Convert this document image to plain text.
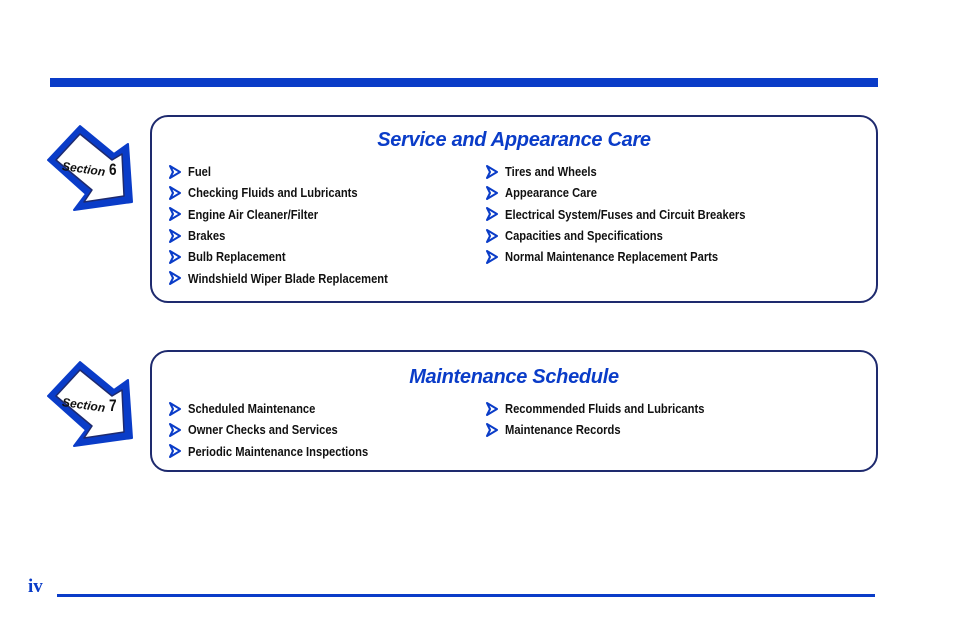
Section 6
Service and Appearance Care
Fuel
Checking Fluids and Lubricants
Engine Air Cleaner/Filter
Brakes
Bulb Replacement
Windshield Wiper Blade Replacement
Tires and Wheels
Appearance Care
Electrical System/Fuses and Circuit Breakers
Capacities and Specifications
Normal Maintenance Replacement Parts
Section 7
Maintenance Schedule
Scheduled Maintenance
Owner Checks and Services
Periodic Maintenance Inspections
Recommended Fluids and Lubricants
Maintenance Records
iv
